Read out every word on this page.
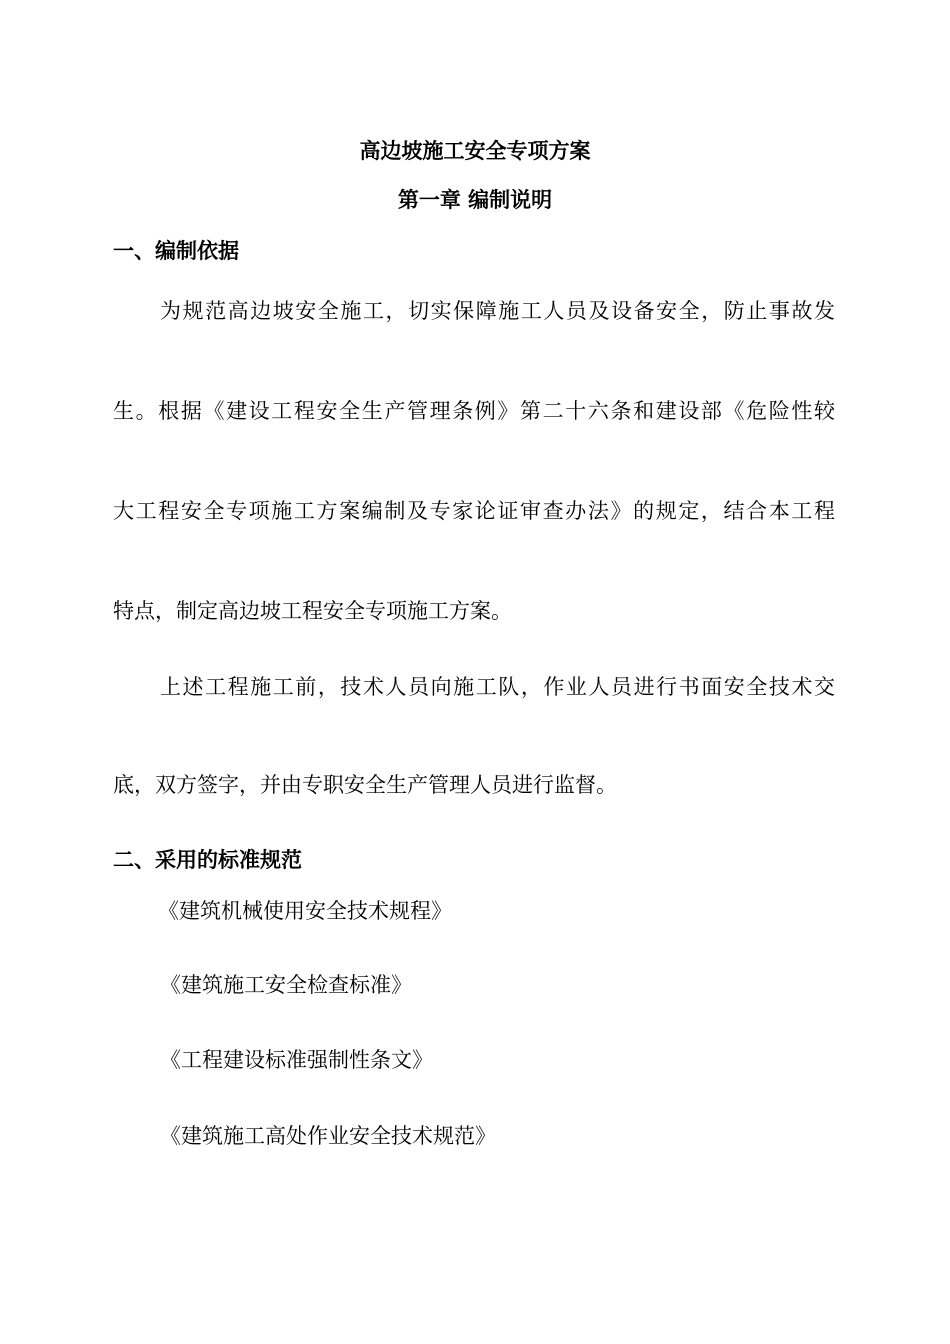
高边坡施工安全专项方案
第一章 编制说明
一、编制依据
为规范高边坡安全施工，切实保障施工人员及设备安全，防止事故发
生。根据《建设工程安全生产管理条例》第二十六条和建设部《危险性较
大工程安全专项施工方案编制及专家论证审查办法》的规定，结合本工程
特点，制定高边坡工程安全专项施工方案。
上述工程施工前，技术人员向施工队，作业人员进行书面安全技术交
底，双方签字，并由专职安全生产管理人员进行监督。
二、采用的标准规范
《建筑机械使用安全技术规程》
《建筑施工安全检查标准》
《工程建设标准强制性条文》
《建筑施工高处作业安全技术规范》
